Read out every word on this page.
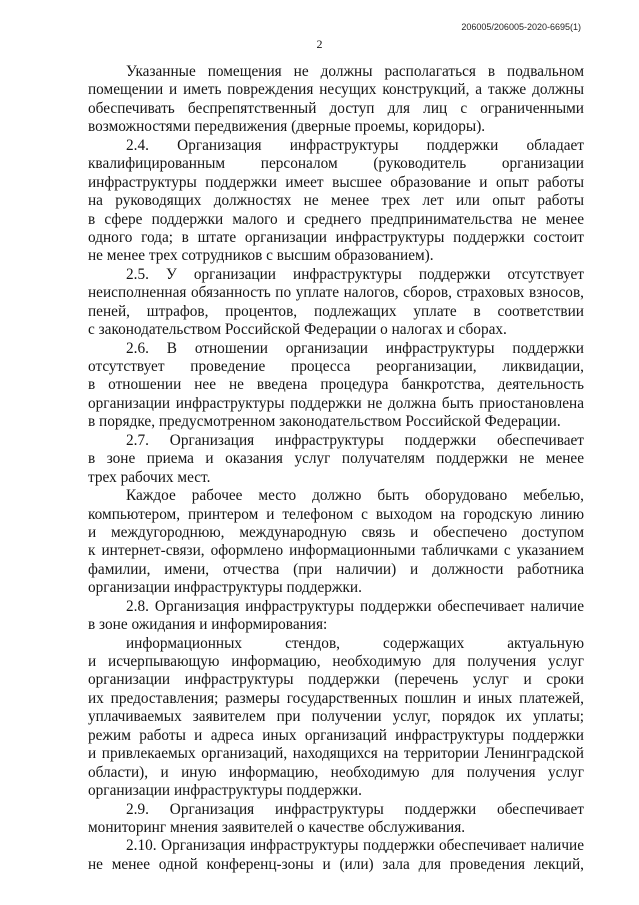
206005/206005-2020-6695(1)
2
Указанные помещения не должны располагаться в подвальном
помещении и иметь повреждения несущих конструкций, а также должны
обеспечивать беспрепятственный доступ для лиц с ограниченными
возможностями передвижения (дверные проемы, коридоры).
2.4. Организация инфраструктуры поддержки обладает
квалифицированным персоналом (руководитель организации
инфраструктуры поддержки имеет высшее образование и опыт работы
на руководящих должностях не менее трех лет или опыт работы
в сфере поддержки малого и среднего предпринимательства не менее
одного года; в штате организации инфраструктуры поддержки состоит
не менее трех сотрудников с высшим образованием).
2.5. У организации инфраструктуры поддержки отсутствует
неисполненная обязанность по уплате налогов, сборов, страховых взносов,
пеней, штрафов, процентов, подлежащих уплате в соответствии
с законодательством Российской Федерации о налогах и сборах.
2.6. В отношении организации инфраструктуры поддержки
отсутствует проведение процесса реорганизации, ликвидации,
в отношении нее не введена процедура банкротства, деятельность
организации инфраструктуры поддержки не должна быть приостановлена
в порядке, предусмотренном законодательством Российской Федерации.
2.7. Организация инфраструктуры поддержки обеспечивает
в зоне приема и оказания услуг получателям поддержки не менее
трех рабочих мест.
Каждое рабочее место должно быть оборудовано мебелью,
компьютером, принтером и телефоном с выходом на городскую линию
и междугороднюю, международную связь и обеспечено доступом
к интернет-связи, оформлено информационными табличками с указанием
фамилии, имени, отчества (при наличии) и должности работника
организации инфраструктуры поддержки.
2.8. Организация инфраструктуры поддержки обеспечивает наличие
в зоне ожидания и информирования:
информационных стендов, содержащих актуальную
и исчерпывающую информацию, необходимую для получения услуг
организации инфраструктуры поддержки (перечень услуг и сроки
их предоставления; размеры государственных пошлин и иных платежей,
уплачиваемых заявителем при получении услуг, порядок их уплаты;
режим работы и адреса иных организаций инфраструктуры поддержки
и привлекаемых организаций, находящихся на территории Ленинградской
области), и иную информацию, необходимую для получения услуг
организации инфраструктуры поддержки.
2.9. Организация инфраструктуры поддержки обеспечивает
мониторинг мнения заявителей о качестве обслуживания.
2.10. Организация инфраструктуры поддержки обеспечивает наличие
не менее одной конференц-зоны и (или) зала для проведения лекций,
